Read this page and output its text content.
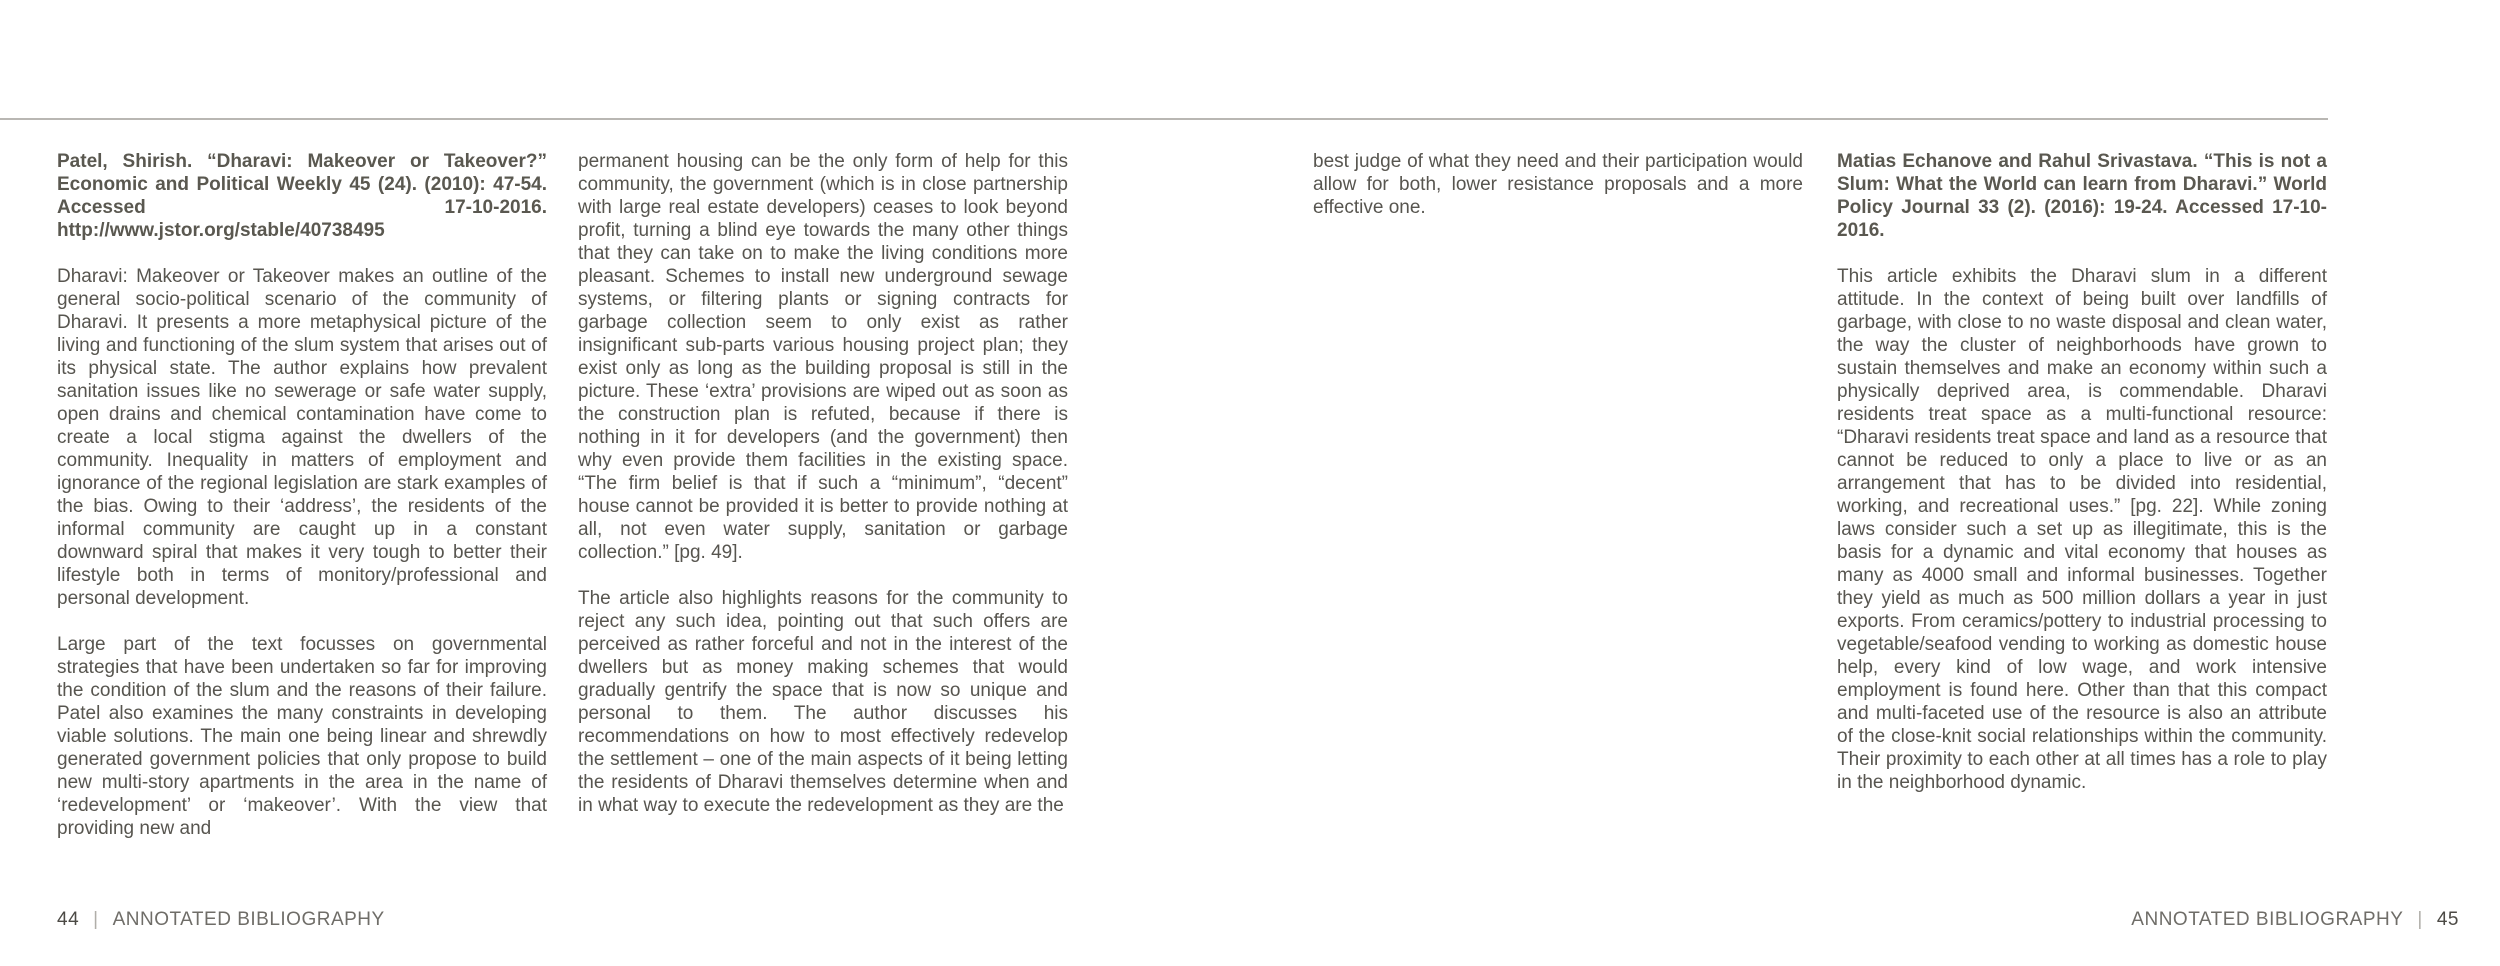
Patel, Shirish. “Dharavi: Makeover or Takeover?” Economic and Political Weekly 45 (24). (2010): 47-54. Accessed 17-10-2016. http://www.jstor.org/stable/40738495

Dharavi: Makeover or Takeover makes an outline of the general socio-political scenario of the community of Dharavi. It presents a more metaphysical picture of the living and functioning of the slum system that arises out of its physical state. The author explains how prevalent sanitation issues like no sewerage or safe water supply, open drains and chemical contamination have come to create a local stigma against the dwellers of the community. Inequality in matters of employment and ignorance of the regional legislation are stark examples of the bias. Owing to their ‘address’, the residents of the informal community are caught up in a constant downward spiral that makes it very tough to better their lifestyle both in terms of monitory/professional and personal development.

Large part of the text focusses on governmental strategies that have been undertaken so far for improving the condition of the slum and the reasons of their failure. Patel also examines the many constraints in developing viable solutions. The main one being linear and shrewdly generated government policies that only propose to build new multi-story apartments in the area in the name of ‘redevelopment’ or ‘makeover’. With the view that providing new and

permanent housing can be the only form of help for this community, the government (which is in close partnership with large real estate developers) ceases to look beyond profit, turning a blind eye towards the many other things that they can take on to make the living conditions more pleasant. Schemes to install new underground sewage systems, or filtering plants or signing contracts for garbage collection seem to only exist as rather insignificant sub-parts various housing project plan; they exist only as long as the building proposal is still in the picture. These ‘extra’ provisions are wiped out as soon as the construction plan is refuted, because if there is nothing in it for developers (and the government) then why even provide them facilities in the existing space. “The firm belief is that if such a “minimum”, “decent” house cannot be provided it is better to provide nothing at all, not even water supply, sanitation or garbage collection.” [pg. 49].

The article also highlights reasons for the community to reject any such idea, pointing out that such offers are perceived as rather forceful and not in the interest of the dwellers but as money making schemes that would gradually gentrify the space that is now so unique and personal to them. The author discusses his recommendations on how to most effectively redevelop the settlement – one of the main aspects of it being letting the residents of Dharavi themselves determine when and in what way to execute the redevelopment as they are the

best judge of what they need and their participation would allow for both, lower resistance proposals and a more effective one.

Matias Echanove and Rahul Srivastava. “This is not a Slum: What the World can learn from Dharavi.” World Policy Journal 33 (2). (2016): 19-24. Accessed 17-10-2016.

This article exhibits the Dharavi slum in a different attitude. In the context of being built over landfills of garbage, with close to no waste disposal and clean water, the way the cluster of neighborhoods have grown to sustain themselves and make an economy within such a physically deprived area, is commendable. Dharavi residents treat space as a multi-functional resource: “Dharavi residents treat space and land as a resource that cannot be reduced to only a place to live or as an arrangement that has to be divided into residential, working, and recreational uses.” [pg. 22]. While zoning laws consider such a set up as illegitimate, this is the basis for a dynamic and vital economy that houses as many as 4000 small and informal businesses. Together they yield as much as 500 million dollars a year in just exports. From ceramics/pottery to industrial processing to vegetable/seafood vending to working as domestic house help, every kind of low wage, and work intensive employment is found here. Other than that this compact and multi-faceted use of the resource is also an attribute of the close-knit social relationships within the community. Their proximity to each other at all times has a role to play in the neighborhood dynamic.

44 | ANNOTATED BIBLIOGRAPHY	ANNOTATED BIBLIOGRAPHY | 45
